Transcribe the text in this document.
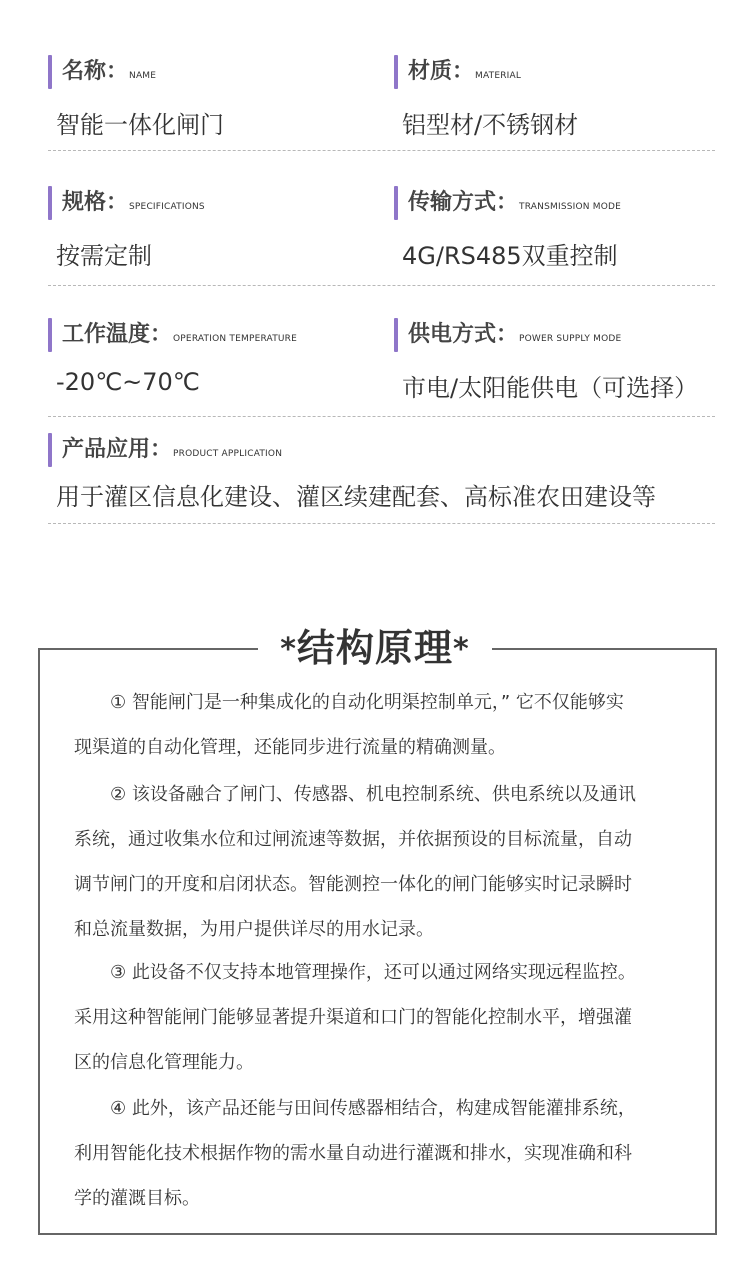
名称： NAME
智能一体化闸门
材质： MATERIAL
铝型材/不锈钢材
规格： SPECIFICATIONS
按需定制
传输方式： TRANSMISSION MODE
4G/RS485双重控制
工作温度： OPERATION TEMPERATURE
-20℃~70℃
供电方式： POWER SUPPLY MODE
市电/太阳能供电（可选择）
产品应用： PRODUCT APPLICATION
用于灌区信息化建设、灌区续建配套、高标准农田建设等
*结构原理*
① 智能闸门是一种集成化的自动化明渠控制单元，” 它不仅能够实
现渠道的自动化管理，还能同步进行流量的精确测量。
② 该设备融合了闸门、传感器、机电控制系统、供电系统以及通讯
系统，通过收集水位和过闸流速等数据，并依据预设的目标流量，自动
调节闸门的开度和启闭状态。智能测控一体化的闸门能够实时记录瞬时
和总流量数据，为用户提供详尽的用水记录。
③ 此设备不仅支持本地管理操作，还可以通过网络实现远程监控。
采用这种智能闸门能够显著提升渠道和口门的智能化控制水平，增强灌
区的信息化管理能力。
④ 此外，该产品还能与田间传感器相结合，构建成智能灌排系统，
利用智能化技术根据作物的需水量自动进行灌溉和排水，实现准确和科
学的灌溉目标。
